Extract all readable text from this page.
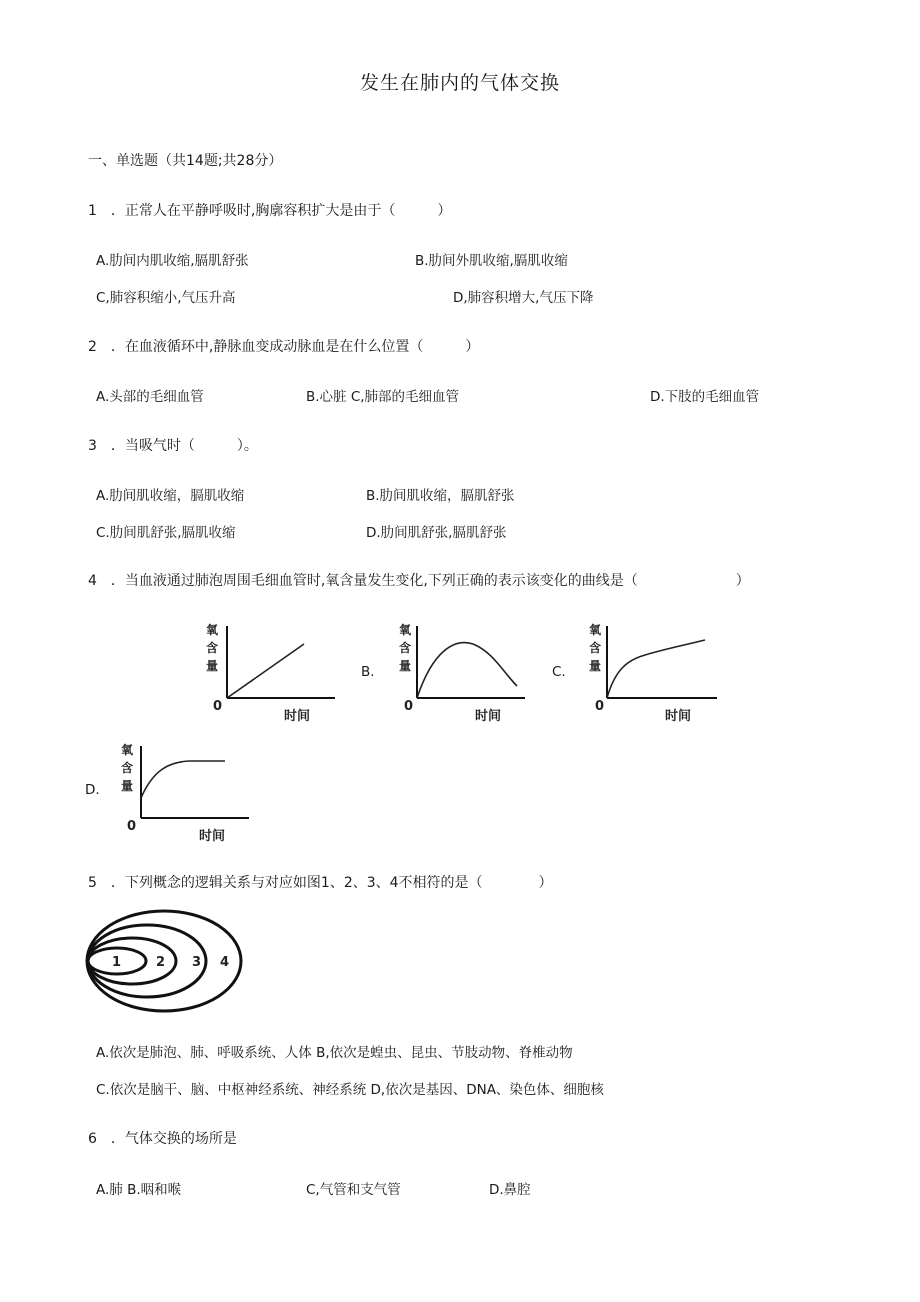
发生在肺内的气体交换
一、单选题（共14题;共28分）
1　．正常人在平静呼吸时,胸廓容积扩大是由于（　　　）
A.肋间内肌收缩,膈肌舒张	B.肋间外肌收缩,膈肌收缩
C,肺容积缩小,气压升高	D,肺容积增大,气压下降
2　．在血液循环中,静脉血变成动脉血是在什么位置（　　　）
A.头部的毛细血管	B.心脏 C,肺部的毛细血管	D.下肢的毛细血管
3　．当吸气时（　　　）。
A.肋间肌收缩，膈肌收缩	B.肋间肌收缩，膈肌舒张
C.肋间肌舒张,膈肌收缩	D.肋间肌舒张,膈肌舒张
4　．当血液通过肺泡周围毛细血管时,氧含量发生变化,下列正确的表示该变化的曲线是（　　　　　　　）
氧
含
量
0
时间
B.
氧
含
量
0
时间
C.
氧
含
量
0
时间
D.
氧
含
量
0
时间
5　．下列概念的逻辑关系与对应如图1、2、3、4不相符的是（　　　　）
1	2 3 4
A.依次是肺泡、肺、呼吸系统、人体 B,依次是蝗虫、昆虫、节肢动物、脊椎动物
C.依次是脑干、脑、中枢神经系统、神经系统 D,依次是基因、DNA、染色体、细胞核
6　．气体交换的场所是
A.肺 B.咽和喉	C,气管和支气管	D.鼻腔
